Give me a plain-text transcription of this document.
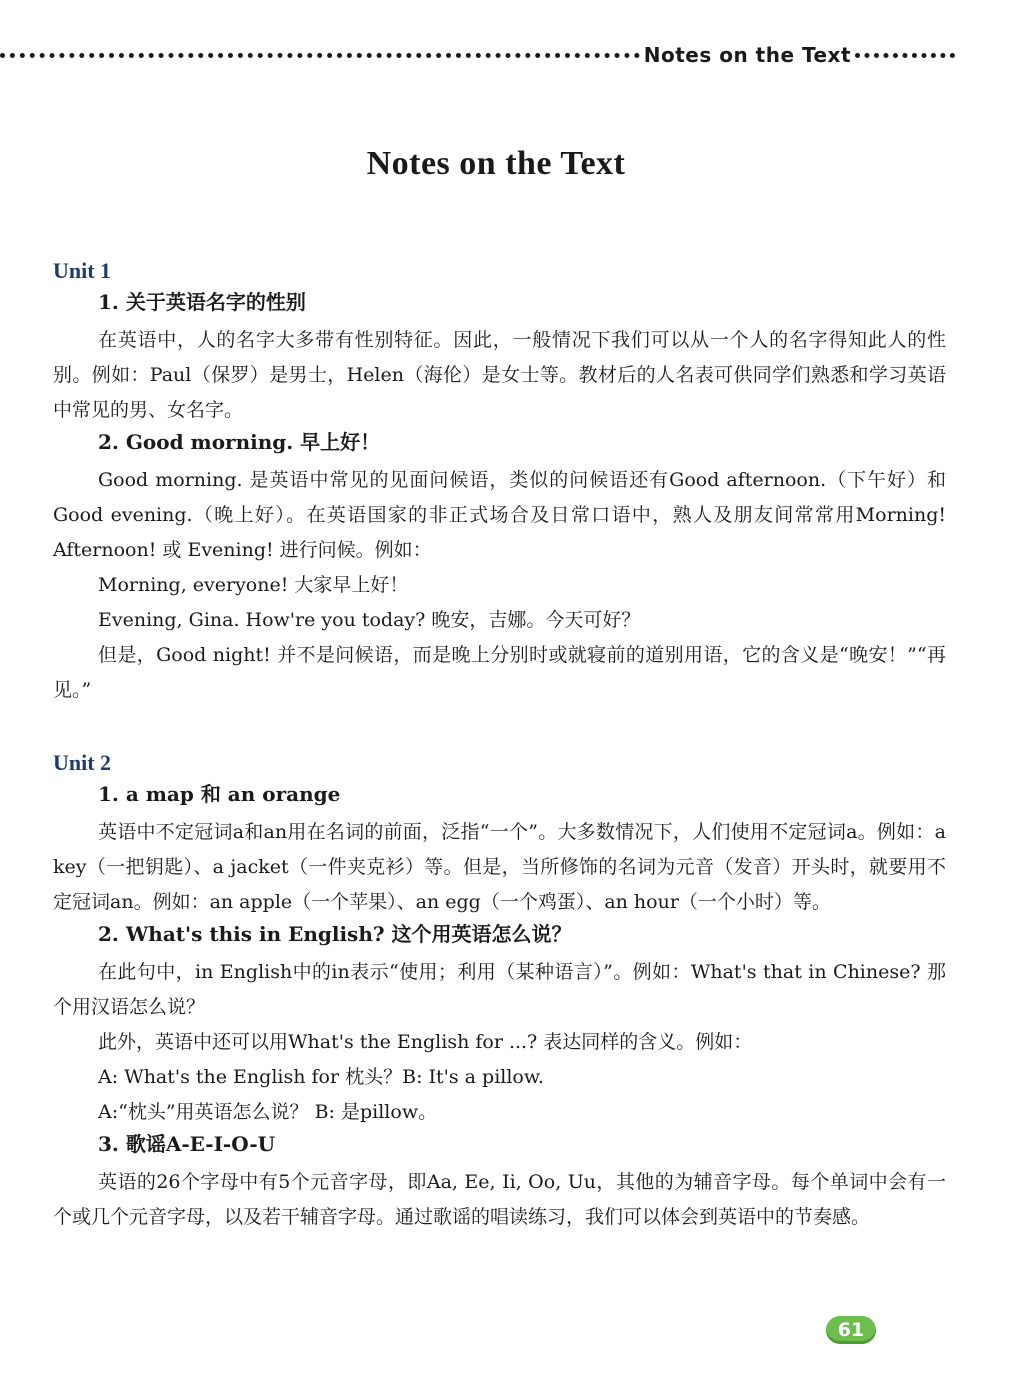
Notes on the Text
Notes on the Text
Unit 1
1. 关于英语名字的性别

在英语中，人的名字大多带有性别特征。因此，一般情况下我们可以从一个人的名字得知此人的性别。例如：Paul（保罗）是男士，Helen（海伦）是女士等。教材后的人名表可供同学们熟悉和学习英语中常见的男、女名字。

2. Good morning. 早上好！

Good morning. 是英语中常见的见面问候语，类似的问候语还有Good afternoon.（下午好）和Good evening.（晚上好）。在英语国家的非正式场合及日常口语中，熟人及朋友间常常用Morning! Afternoon! 或 Evening! 进行问候。例如：

Morning, everyone! 大家早上好！

Evening, Gina. How're you today? 晚安，吉娜。今天可好？

但是，Good night! 并不是问候语，而是晚上分别时或就寝前的道别用语，它的含义是“晚安！”“再见。”

Unit 2
1. a map 和 an orange

英语中不定冠词a和an用在名词的前面，泛指“一个”。大多数情况下，人们使用不定冠词a。例如：a key（一把钥匙）、a jacket（一件夹克衫）等。但是，当所修饰的名词为元音（发音）开头时，就要用不定冠词an。例如：an apple（一个苹果）、an egg（一个鸡蛋）、an hour（一个小时）等。

2. What's this in English? 这个用英语怎么说？

在此句中，in English中的in表示“使用；利用（某种语言）”。例如：What's that in Chinese? 那个用汉语怎么说？

此外，英语中还可以用What's the English for ...? 表达同样的含义。例如：

A: What's the English for 枕头？B: It's a pillow.

A:“枕头”用英语怎么说？ B: 是pillow。

3. 歌谣A-E-I-O-U

英语的26个字母中有5个元音字母，即Aa, Ee, Ii, Oo, Uu，其他的为辅音字母。每个单词中会有一个或几个元音字母，以及若干辅音字母。通过歌谣的唱读练习，我们可以体会到英语中的节奏感。

61
